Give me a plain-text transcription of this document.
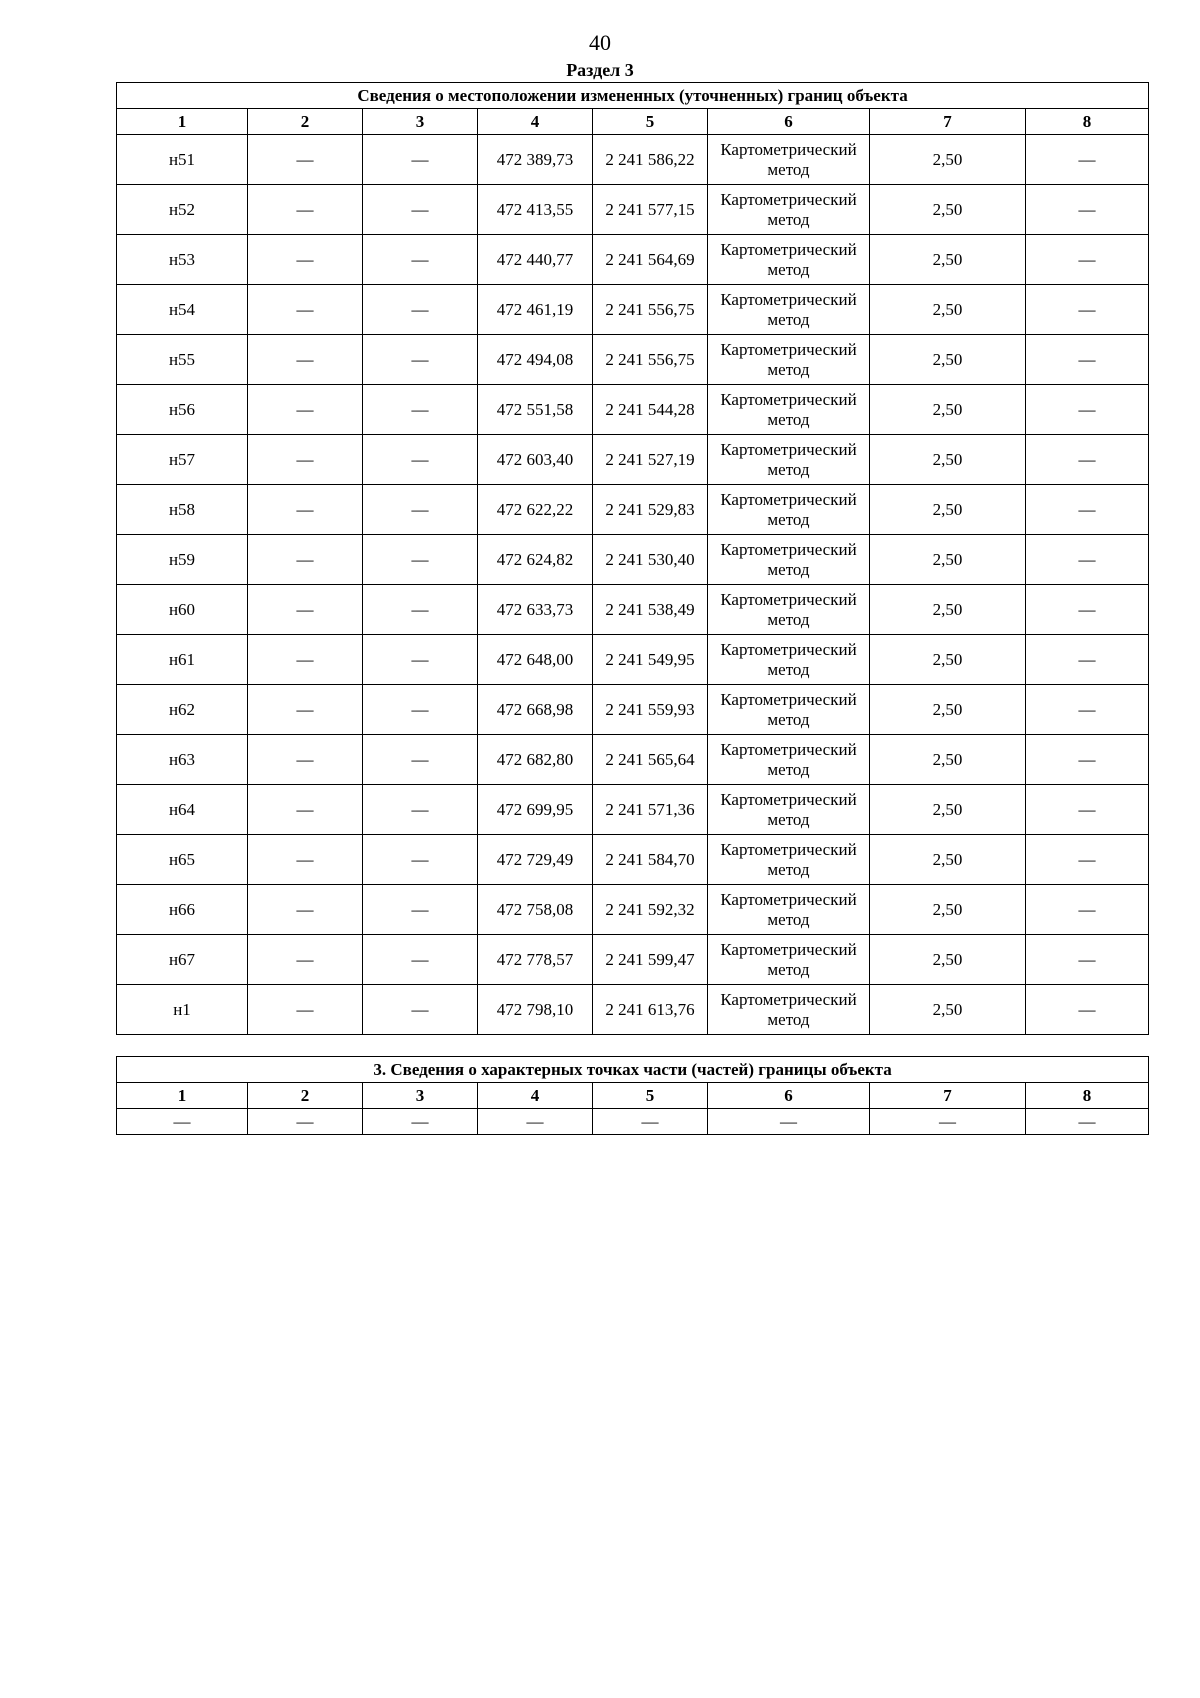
40
Раздел 3
Сведения о местоположении измененных (уточненных) границ объекта							
1	2	3	4	5	6	7	8
н51	—	—	472 389,73	2 241 586,22	Картометрический метод	2,50	—
н52	—	—	472 413,55	2 241 577,15	Картометрический метод	2,50	—
н53	—	—	472 440,77	2 241 564,69	Картометрический метод	2,50	—
н54	—	—	472 461,19	2 241 556,75	Картометрический метод	2,50	—
н55	—	—	472 494,08	2 241 556,75	Картометрический метод	2,50	—
н56	—	—	472 551,58	2 241 544,28	Картометрический метод	2,50	—
н57	—	—	472 603,40	2 241 527,19	Картометрический метод	2,50	—
н58	—	—	472 622,22	2 241 529,83	Картометрический метод	2,50	—
н59	—	—	472 624,82	2 241 530,40	Картометрический метод	2,50	—
н60	—	—	472 633,73	2 241 538,49	Картометрический метод	2,50	—
н61	—	—	472 648,00	2 241 549,95	Картометрический метод	2,50	—
н62	—	—	472 668,98	2 241 559,93	Картометрический метод	2,50	—
н63	—	—	472 682,80	2 241 565,64	Картометрический метод	2,50	—
н64	—	—	472 699,95	2 241 571,36	Картометрический метод	2,50	—
н65	—	—	472 729,49	2 241 584,70	Картометрический метод	2,50	—
н66	—	—	472 758,08	2 241 592,32	Картометрический метод	2,50	—
н67	—	—	472 778,57	2 241 599,47	Картометрический метод	2,50	—
н1	—	—	472 798,10	2 241 613,76	Картометрический метод	2,50	—
3. Сведения о характерных точках части (частей) границы объекта							
1	2	3	4	5	6	7	8
—	—	—	—	—	—	—	—
